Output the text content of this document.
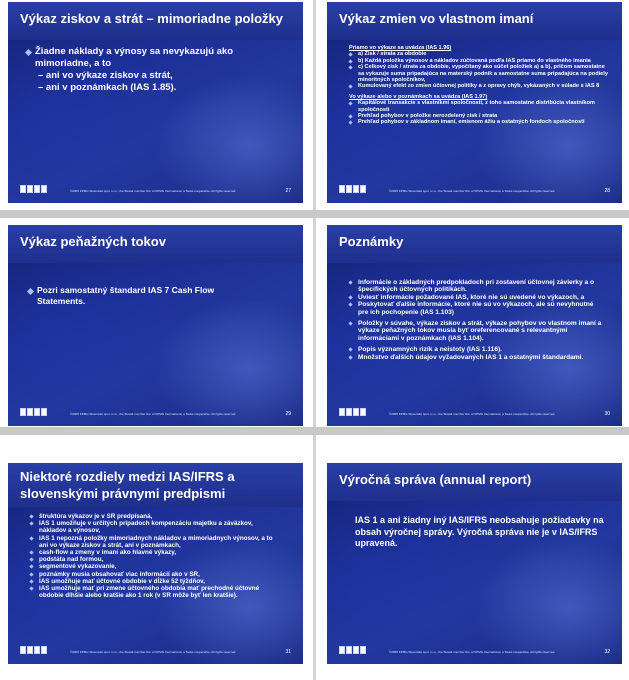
Výkaz ziskov a strát – mimoriadne položky
Žiadne náklady a výnosy sa nevykazujú ako mimoriadne, a to
– ani vo výkaze ziskov a strát,
– ani v poznámkach (IAS 1.85).
©2005 KPMG Slovensko spol. s r.o., the Slovak member firm of KPMG International, a Swiss cooperative. All rights reserved.	27
Výkaz zmien vo vlastnom imaní
Priamo vo výkaze sa uvádza (IAS 1.96)
a) Zisk / strata za obdobie
b) Každá položka výnosov a nákladov zúčtovaná podľa IAS priamo do vlastného imania
c) Celkový zisk / strata za obdobie, vypočítaný ako súčet položiek a) a b), pričom samostatne sa vykazuje suma pripadajúca na materský podnik a samostatne suma pripadajúca na podiely minoritných spoločníkov,
Kumulovaný efekt zo zmien účtovnej politiky a z opravy chýb, vykázaných v súlade s IAS 8
Vo výkaze alebo v poznámkach sa uvádza (IAS 1.97)
Kapitálové transakcie s vlastníkmi spoločnosti, z toho samostatne distribúcia vlastníkom spoločnosti
Prehľad pohybov v položke nerozdelený zisk / strata
Prehľad pohybov v základnom imaní, emisnom ážiu a ostatných fondoch spoločnosti
©2005 KPMG Slovensko spol. s r.o., the Slovak member firm of KPMG International, a Swiss cooperative. All rights reserved.	28
Výkaz peňažných tokov
Pozri samostatný štandard IAS 7 Cash Flow Statements.
©2005 KPMG Slovensko spol. s r.o., the Slovak member firm of KPMG International, a Swiss cooperative. All rights reserved.	29
Poznámky
Informácie o základných predpokladoch pri zostavení účtovnej závierky a o špecifických účtovných politikách.
Uviesť informácie požadované IAS, ktoré nie sú uvedené vo výkazoch, a
Poskytovať ďalšie informácie, ktoré nie sú vo výkazoch, ale sú nevyhnutné pre ich pochopenie (IAS 1.103)
Položky v súvahe, výkaze ziskov a strát, výkaze pohybov vo vlastnom imaní a výkaze peňažných tokov musia byť oreferencované s relevantnými informáciami v poznámkach (IAS 1.104).
Popis významných rizík a neistoty (IAS 1.116).
Množstvo ďalších údajov vyžadovaných IAS 1 a ostatnými štandardami.
©2005 KPMG Slovensko spol. s r.o., the Slovak member firm of KPMG International, a Swiss cooperative. All rights reserved.	30
Niektoré rozdiely medzi IAS/IFRS a slovenskými právnymi predpismi
štruktúra výkazov je v SR predpísaná,
IAS 1 umožňuje v určitých prípadoch kompenzáciu majetku a záväzkov, nákladov a výnosov,
IAS 1 nepozná položky mimoriadnych nákladov a mimoriadnych výnosov, a to ani vo výkaze ziskov a strát, ani v poznámkach,
cash-flow a zmeny v imaní ako hlavné výkazy,
podstáta nad formou,
segmentové vykazovanie,
poznámky musia obsahovať viac informácií ako v SR,
IAS umožňuje mať účtovné obdobie v dĺžke 52 týždňov,
IAS umožňuje mať pri zmene účtovného obdobia mať prechodné účtovné obdobie dlhšie alebo kratšie ako 1 rok (v SR môže byť len kratšie).
©2005 KPMG Slovensko spol. s r.o., the Slovak member firm of KPMG International, a Swiss cooperative. All rights reserved.	31
Výročná správa (annual report)
IAS 1 a ani žiadny iný IAS/IFRS neobsahuje požiadavky na obsah výročnej správy. Výročná správa nie je v IAS/IFRS upravená.
©2005 KPMG Slovensko spol. s r.o., the Slovak member firm of KPMG International, a Swiss cooperative. All rights reserved.	32
